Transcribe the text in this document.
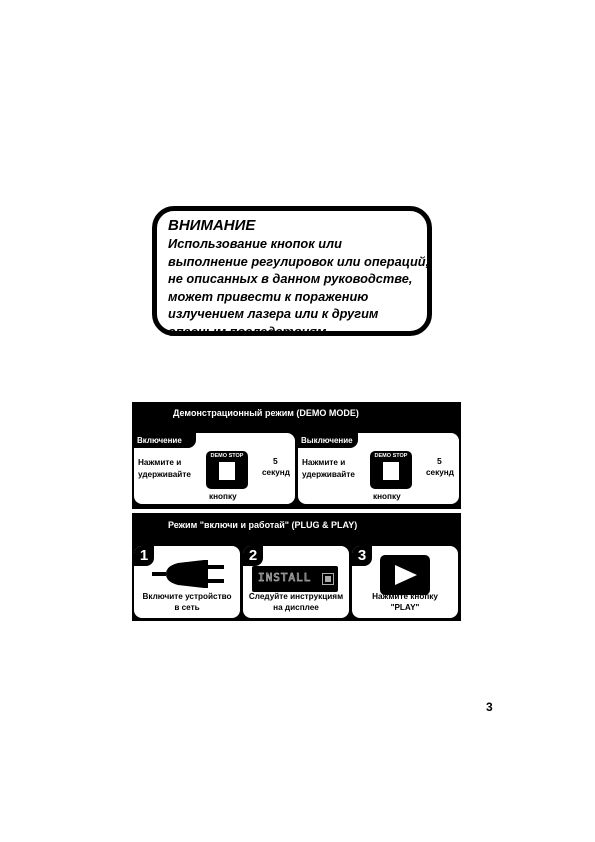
ВНИМАНИЕ
Использование кнопок или
выполнение регулировок или операций,
не описанных в данном руководстве,
может привести к поражению
излучением лазера или к другим
опасным последствиям.
Демонстрационный режим (DEMO MODE)
Включение
Нажмите и
удерживайте
DEMO STOP	5
секунд
кнопку
Выключение
Нажмите и
удерживайте
DEMO STOP	5
секунд
кнопку
Режим "включи и работай" (PLUG & PLAY)
1
Включите устройство
в сеть
2
INSTALL
Следуйте инструкциям
на дисплее
3
Нажмите кнопку
"PLAY"
3
